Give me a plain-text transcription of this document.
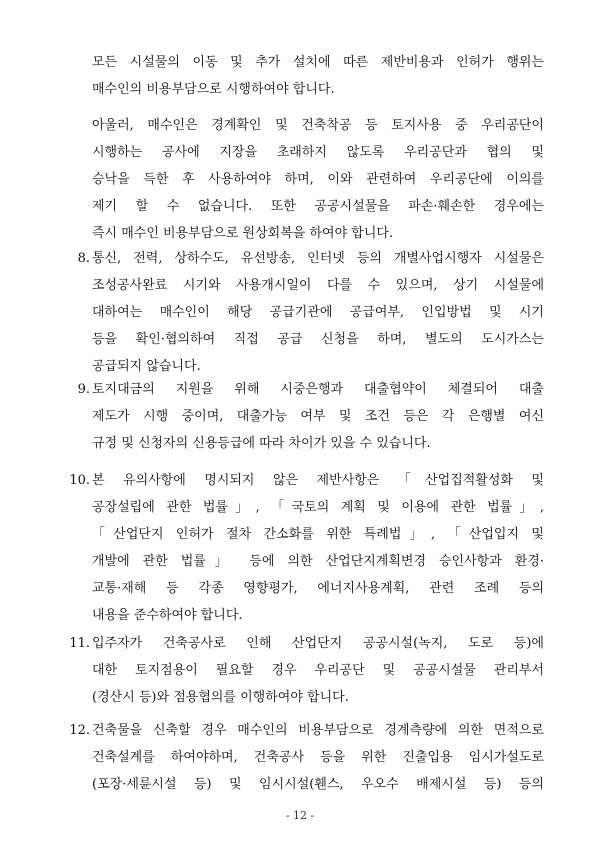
모든 시설물의 이동 및 추가 설치에 따른 제반비용과 인허가 행위는
매수인의 비용부담으로 시행하여야 합니다.
아울러, 매수인은 경계확인 및 건축착공 등 토지사용 중 우리공단이
시행하는 공사에 지장을 초래하지 않도록 우리공단과 협의 및
승낙을 득한 후 사용하여야 하며, 이와 관련하여 우리공단에 이의를
제기 할 수 없습니다. 또한 공공시설물을 파손·훼손한 경우에는
즉시 매수인 비용부담으로 원상회복을 하여야 합니다.
8. 통신, 전력, 상하수도, 유선방송, 인터넷 등의 개별사업시행자 시설물은
조성공사완료 시기와 사용개시일이 다를 수 있으며, 상기 시설물에
대하여는 매수인이 해당 공급기관에 공급여부, 인입방법 및 시기
등을 확인·협의하여 직접 공급 신청을 하며, 별도의 도시가스는
공급되지 않습니다.
9. 토지대금의 지원을 위해 시중은행과 대출협약이 체결되어 대출
제도가 시행 중이며, 대출가능 여부 및 조건 등은 각 은행별 여신
규정 및 신청자의 신용등급에 따라 차이가 있을 수 있습니다.
10. 본 유의사항에 명시되지 않은 제반사항은 「산업집적활성화 및
공장설립에 관한 법률」, 「국토의 계획 및 이용에 관한 법률」,
「산업단지 인허가 절차 간소화를 위한 특례법」, 「산업입지 및
개발에 관한 법률」 등에 의한 산업단지계획변경 승인사항과 환경·
교통·재해 등 각종 영향평가, 에너지사용계획, 관련 조례 등의
내용을 준수하여야 합니다.
11. 입주자가 건축공사로 인해 산업단지 공공시설(녹지, 도로 등)에
대한 토지점용이 필요할 경우 우리공단 및 공공시설물 관리부서
(경산시 등)와 점용협의를 이행하여야 합니다.
12. 건축물을 신축할 경우 매수인의 비용부담으로 경계측량에 의한 면적으로
건축설계를 하여야하며, 건축공사 등을 위한 진출입용 임시가설도로
(포장·세륜시설 등) 및 임시시설(휀스, 우오수 배제시설 등) 등의
- 12 -
